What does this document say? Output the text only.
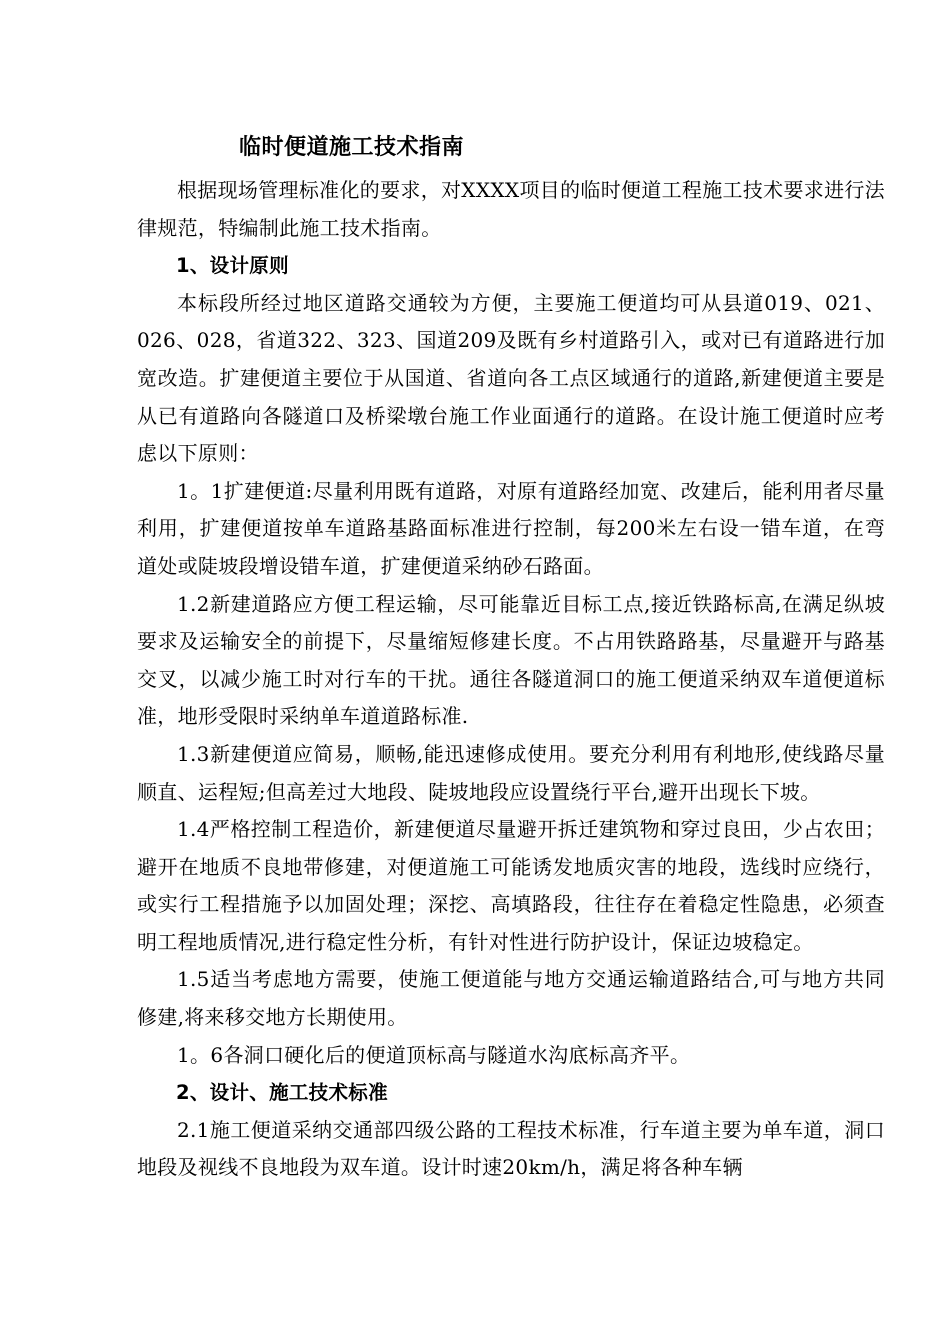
临时便道施工技术指南

根据现场管理标准化的要求，对XXXX项目的临时便道工程施工技术要求进行法律规范，特编制此施工技术指南。

1、设计原则

本标段所经过地区道路交通较为方便，主要施工便道均可从县道019、021、026、028，省道322、323、国道209及既有乡村道路引入，或对已有道路进行加宽改造。扩建便道主要位于从国道、省道向各工点区域通行的道路,新建便道主要是从已有道路向各隧道口及桥梁墩台施工作业面通行的道路。在设计施工便道时应考虑以下原则：

1。1扩建便道:尽量利用既有道路，对原有道路经加宽、改建后，能利用者尽量利用，扩建便道按单车道路基路面标准进行控制，每200米左右设一错车道，在弯道处或陡坡段增设错车道，扩建便道采纳砂石路面。

1.2新建道路应方便工程运输，尽可能靠近目标工点,接近铁路标高,在满足纵坡要求及运输安全的前提下，尽量缩短修建长度。不占用铁路路基，尽量避开与路基交叉，以减少施工时对行车的干扰。通往各隧道洞口的施工便道采纳双车道便道标准，地形受限时采纳单车道道路标准.

1.3新建便道应简易，顺畅,能迅速修成使用。要充分利用有利地形,使线路尽量顺直、运程短;但高差过大地段、陡坡地段应设置绕行平台,避开出现长下坡。

1.4严格控制工程造价，新建便道尽量避开拆迁建筑物和穿过良田，少占农田；避开在地质不良地带修建，对便道施工可能诱发地质灾害的地段，选线时应绕行，或实行工程措施予以加固处理；深挖、高填路段，往往存在着稳定性隐患，必须查明工程地质情况,进行稳定性分析，有针对性进行防护设计，保证边坡稳定。

1.5适当考虑地方需要，使施工便道能与地方交通运输道路结合,可与地方共同修建,将来移交地方长期使用。

1。6各洞口硬化后的便道顶标高与隧道水沟底标高齐平。

2、设计、施工技术标准

2.1施工便道采纳交通部四级公路的工程技术标准，行车道主要为单车道，洞口地段及视线不良地段为双车道。设计时速20km/h，满足将各种车辆
